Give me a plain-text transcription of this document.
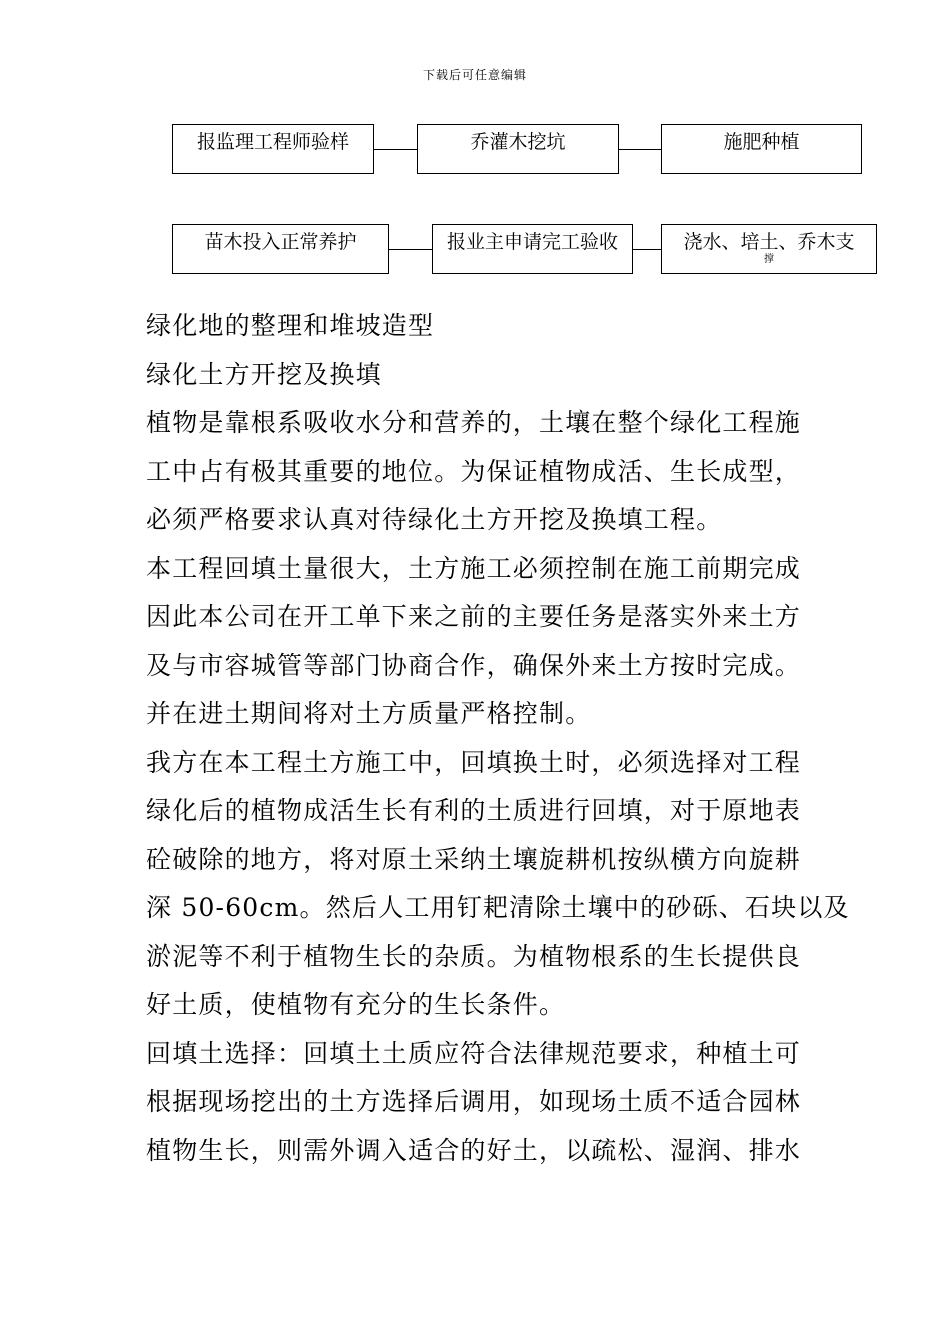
下载后可任意编辑
报监理工程师验样	乔灌木挖坑	施肥种植
苗木投入正常养护	报业主申请完工验收	浇水、培土、乔木支
撑
绿化地的整理和堆坡造型
绿化土方开挖及换填
植物是靠根系吸收水分和营养的，土壤在整个绿化工程施
工中占有极其重要的地位。为保证植物成活、生长成型，
必须严格要求认真对待绿化土方开挖及换填工程。
本工程回填土量很大，土方施工必须控制在施工前期完成
因此本公司在开工单下来之前的主要任务是落实外来土方
及与市容城管等部门协商合作，确保外来土方按时完成。
并在进土期间将对土方质量严格控制。
我方在本工程土方施工中，回填换土时，必须选择对工程
绿化后的植物成活生长有利的土质进行回填，对于原地表
砼破除的地方，将对原土采纳土壤旋耕机按纵横方向旋耕
深 50-60cm。然后人工用钉耙清除土壤中的砂砾、石块以及
淤泥等不利于植物生长的杂质。为植物根系的生长提供良
好土质，使植物有充分的生长条件。
回填土选择：回填土土质应符合法律规范要求，种植土可
根据现场挖出的土方选择后调用，如现场土质不适合园林
植物生长，则需外调入适合的好土，以疏松、湿润、排水
